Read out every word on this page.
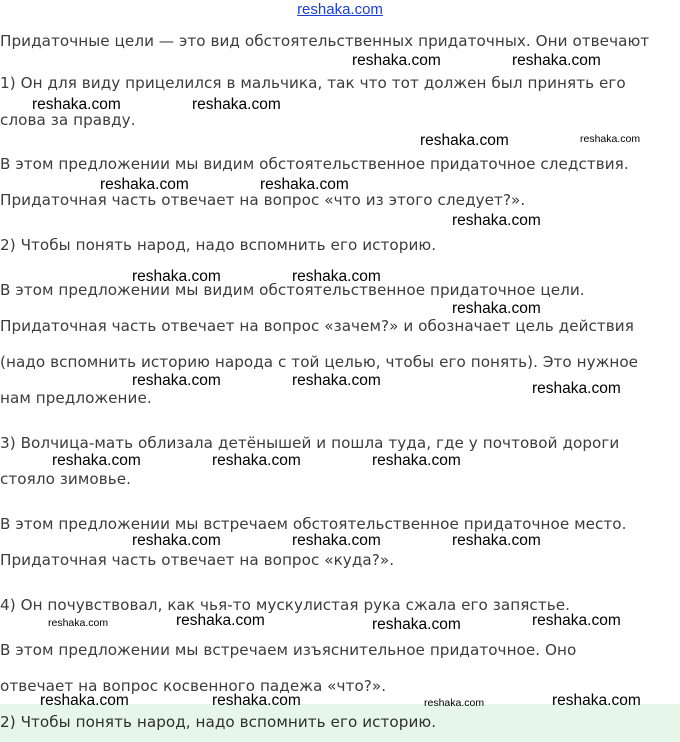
reshaka.com
Придаточные цели — это вид обстоятельственных придаточных. Они отвечают
1) Он для виду прицелился в мальчика, так что тот должен был принять его
слова за правду.
В этом предложении мы видим обстоятельственное придаточное следствия.
Придаточная часть отвечает на вопрос «что из этого следует?».
2) Чтобы понять народ, надо вспомнить его историю.
В этом предложении мы видим обстоятельственное придаточное цели.
Придаточная часть отвечает на вопрос «зачем?» и обозначает цель действия
(надо вспомнить историю народа с той целью, чтобы его понять). Это нужное
нам предложение.
3) Волчица-мать облизала детёнышей и пошла туда, где у почтовой дороги
стояло зимовье.
В этом предложении мы встречаем обстоятельственное придаточное место.
Придаточная часть отвечает на вопрос «куда?».
4) Он почувствовал, как чья-то мускулистая рука сжала его запястье.
В этом предложении мы встречаем изъяснительное придаточное. Оно
отвечает на вопрос косвенного падежа «что?».
2) Чтобы понять народ, надо вспомнить его историю.
reshaka.com	reshaka.com
reshaka.com	reshaka.com
reshaka.com	reshaka.com
reshaka.com	reshaka.com
reshaka.com
reshaka.com	reshaka.com
reshaka.com
reshaka.com	reshaka.com	reshaka.com
reshaka.com	reshaka.com	reshaka.com
reshaka.com	reshaka.com	reshaka.com
reshaka.com	reshaka.com	reshaka.com	reshaka.com
reshaka.com	reshaka.com	reshaka.com	reshaka.com
